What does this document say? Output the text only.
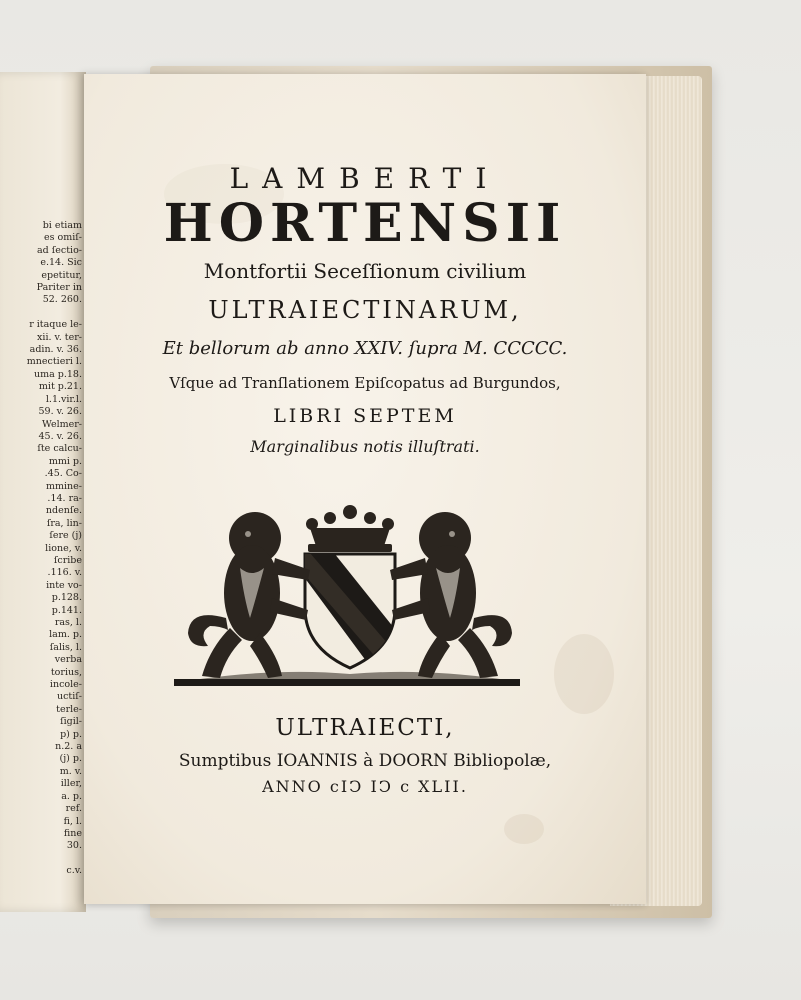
bi etiam
es omiſ-
ad ſectio-
e.14. Sic
epetitur,
Pariter in
52. 260.

r itaque le-
xii. v. ter-
adin. v. 36.
mnectieri l.
uma p.18.
mit p.21.
l.1.vir.l.
59. v. 26.
Welmer-
45. v. 26.
ſte calcu-
mmi p.
.45. Co-
mmine-
.14. ra-
ndenſe.
ſra, lin-
ſere (j)
lione, v.
ſcribe
.116. v.
inte vo-
p.128.
p.141.
ras, l.
lam. p.
ſalis, l.
verba
torius,
incole-
uctiſ-
terle-
ſigil-
p) p.
n.2. a
(j) p.
m. v.
iller,
a. p.
ref.
fi, l.
fine
30.

c.v.
LAMBERTI
HORTENSII
Montfortii Seceſſionum civilium
ULTRAIECTINARUM,
Et bellorum ab anno XXIV. ſupra M. CCCCC.
Vſque ad Tranſlationem Epiſcopatus ad Burgundos,
LIBRI SEPTEM
Marginalibus notis illuſtrati.
ULTRAIECTI,
Sumptibus IOANNIS à DOORN Bibliopolæ,
ANNO cIϽ IϽ c XLII.
